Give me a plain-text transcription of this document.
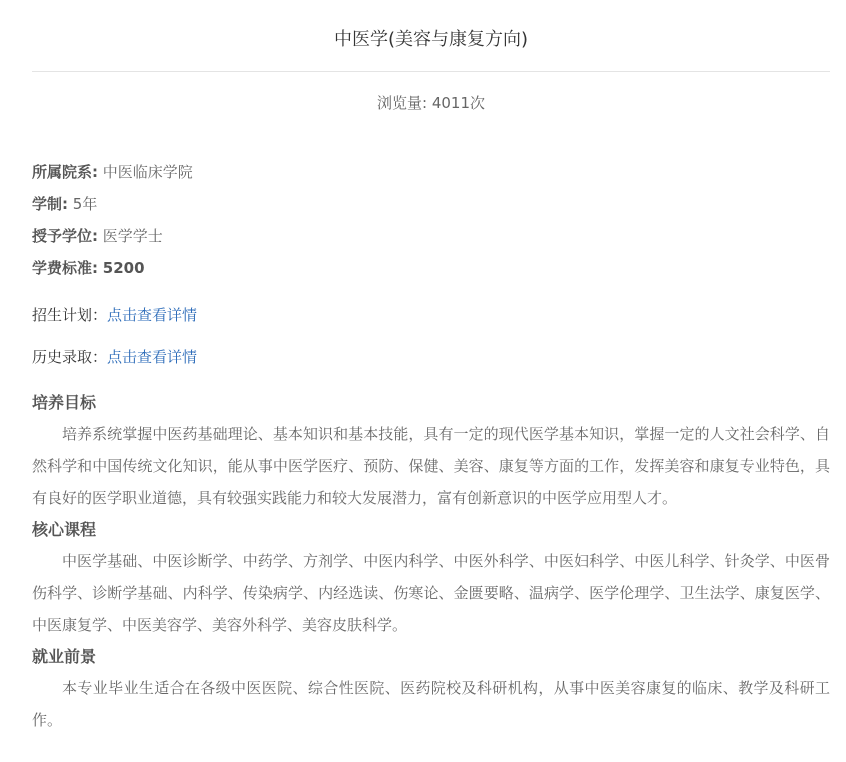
中医学(美容与康复方向)
浏览量: 4011次
所属院系: 中医临床学院
学制: 5年
授予学位: 医学学士
学费标准: 5200
招生计划：点击查看详情
历史录取：点击查看详情
培养目标

培养系统掌握中医药基础理论、基本知识和基本技能，具有一定的现代医学基本知识，掌握一定的人文社会科学、自然科学和中国传统文化知识，能从事中医学医疗、预防、保健、美容、康复等方面的工作，发挥美容和康复专业特色，具有良好的医学职业道德，具有较强实践能力和较大发展潜力，富有创新意识的中医学应用型人才。

核心课程

中医学基础、中医诊断学、中药学、方剂学、中医内科学、中医外科学、中医妇科学、中医儿科学、针灸学、中医骨伤科学、诊断学基础、内科学、传染病学、内经选读、伤寒论、金匮要略、温病学、医学伦理学、卫生法学、康复医学、中医康复学、中医美容学、美容外科学、美容皮肤科学。

就业前景

本专业毕业生适合在各级中医医院、综合性医院、医药院校及科研机构，从事中医美容康复的临床、教学及科研工作。
